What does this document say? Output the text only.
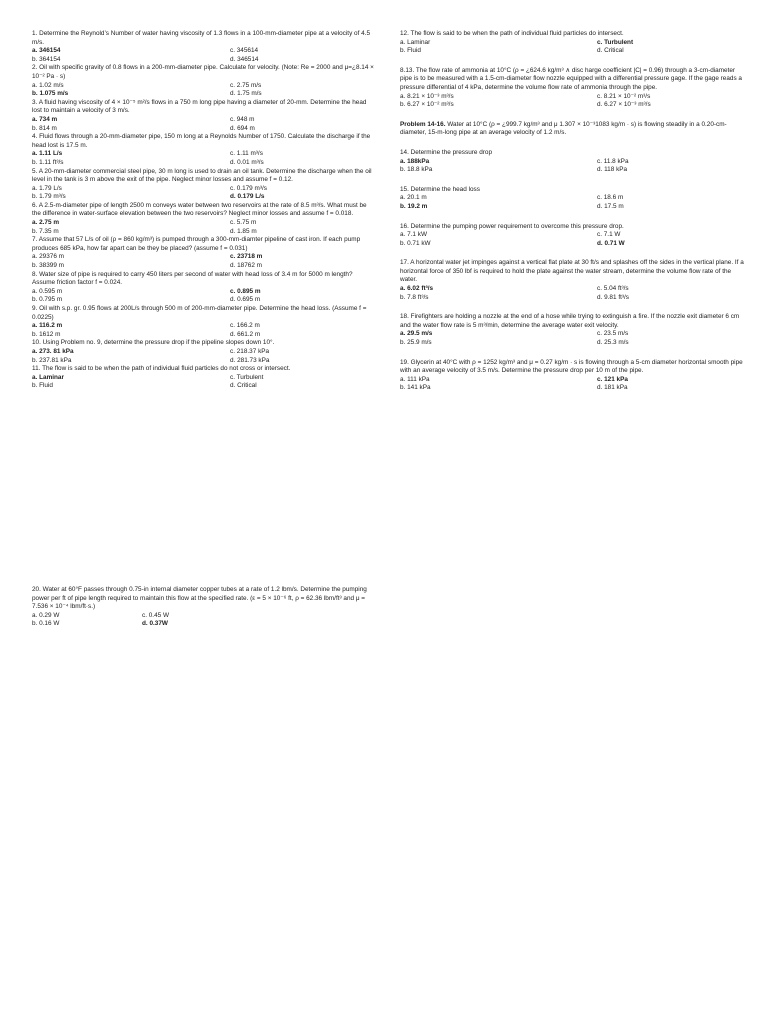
1. Determine the Reynold’s Number of water having viscosity of 1.3 flows in a 100-mm-diameter pipe at a velocity of 4.5 m/s.

a. 346154	c. 345614
b. 364154	d. 346514

2. Oil with specific gravity of 0.8 flows in a 200-mm-diameter pipe. Calculate for velocity. (Note: Re = 2000 and μ=¿8.14 × 10⁻² Pa · s)

a. 1.02 m/s	c. 2.75 m/s
b. 1.075 m/s	d. 1.75 m/s

3. A fluid having viscosity of 4 × 10⁻⁵ m²/s flows in a 750 m long pipe having a diameter of 20-mm. Determine the head lost to maintain a velocity of 3 m/s.

a. 734 m	c. 948 m
b. 814 m	d. 694 m

4. Fluid flows through a 20-mm-diameter pipe, 150 m long at a Reynolds Number of 1750. Calculate the discharge if the head lost is 17.5 m.

a. 1.11 L/s	c. 1.11 m³/s
b. 1.11 ft³/s	d. 0.01 m³/s

5. A 20-mm-diameter commercial steel pipe, 30 m long is used to drain an oil tank. Determine the discharge when the oil level in the tank is 3 m above the exit of the pipe. Neglect minor losses and assume f = 0.12.

a. 1.79 L/s	c. 0.179 m³/s
b. 1.79 m³/s	d. 0.179 L/s

6. A 2.5-m-diameter pipe of length 2500 m conveys water between two reservoirs at the rate of 8.5 m³/s. What must be the difference in water-surface elevation between the two reservoirs? Neglect minor losses and assume f = 0.018.

a. 2.75 m	c. 5.75 m
b. 7.35 m	d. 1.85 m

7. Assume that 57 L/s of oil (ρ = 860 kg/m³) is pumped through a 300-mm-diamter pipeline of cast iron. If each pump produces 685 kPa, how far apart can be they be placed? (assume f = 0.031)

a. 29376 m	c. 23718 m
b. 38399 m	d. 18762 m

8. Water size of pipe is required to carry 450 liters per second of water with head loss of 3.4 m for 5000 m length? Assume friction factor f = 0.024.

a. 0.595 m	c. 0.895 m
b. 0.795 m	d. 0.695 m

9. Oil with s.p. gr. 0.95 flows at 200L/s through 500 m of 200-mm-diameter pipe. Determine the head loss. (Assume f = 0.0225)

a. 116.2 m	c. 166.2 m
b. 1612 m	d. 661.2 m

10. Using Problem no. 9, determine the pressure drop if the pipeline slopes down 10°.

a. 273. 81 kPa	c. 218.37 kPa
b. 237.81 kPa	d. 281.73 kPa

11. The flow is said to be when the path of individual fluid particles do not cross or intersect.

a. Laminar	c. Turbulent
b. Fluid	d. Critical

12. The flow is said to be when the path of individual fluid particles do intersect.

a. Laminar	c. Turbulent
b. Fluid	d. Critical

8.13. The flow rate of ammonia at 10°C (ρ = ¿624.6 kg/m³ ∧ disc harge coefficient |C| = 0.96) through a 3-cm-diameter pipe is to be measured with a 1.5-cm-diameter flow nozzle equipped with a differential pressure gage. If the gage reads a pressure differential of 4 kPa, determine the volume flow rate of ammonia through the pipe.

a. 8.21 × 10⁻³ m³/s	c. 8.21 × 10⁻² m³/s
b. 6.27 × 10⁻² m³/s	d. 6.27 × 10⁻³ m³/s

Problem 14-16. Water at 10°C (ρ = ¿999.7 kg/m³ and μ 1.307 × 10⁻³1083 kg/m · s) is flowing steadily in a 0.20-cm-diameter, 15-m-long pipe at an average velocity of 1.2 m/s.

14. Determine the pressure drop

a. 188kPa	c. 11.8 kPa
b. 18.8 kPa	d. 118 kPa

15. Determine the head loss

a. 20.1 m	c. 18.6 m
b. 19.2 m	d. 17.5 m

16. Determine the pumping power requirement to overcome this pressure drop.

a. 7.1 kW	c. 7.1 W
b. 0.71 kW	d. 0.71 W

17. A horizontal water jet impinges against a vertical flat plate at 30 ft/s and splashes off the sides in the vertical plane. If a horizontal force of 350 lbf is required to hold the plate against the water stream, determine the volume flow rate of the water.

a. 6.02 ft³/s	c. 5.04 ft³/s
b. 7.8 ft³/s	d. 9.81 ft³/s

18. Firefighters are holding a nozzle at the end of a hose while trying to extinguish a fire. If the nozzle exit diameter 6 cm and the water flow rate is 5 m³/min, determine the average water exit velocity.

a. 29.5 m/s	c. 23.5 m/s
b. 25.9 m/s	d. 25.3 m/s

19. Glycerin at 40°C with ρ = 1252 kg/m³ and μ = 0.27 kg/m · s is flowing through a 5-cm diameter horizontal smooth pipe with an average velocity of 3.5 m/s. Determine the pressure drop per 10 m of the pipe.

a. 111 kPa	c. 121 kPa
b. 141 kPa	d. 181 kPa

20. Water at 60°F passes through 0.75-in internal diameter copper tubes at a rate of 1.2 lbm/s. Determine the pumping power per ft of pipe length required to maintain this flow at the specified rate. (ε = 5 × 10⁻⁶ ft, ρ = 62.36 lbm/ft³ and μ = 7.536 × 10⁻⁴ lbm/ft·s.)

a. 0.29 W	c. 0.45 W
b. 0.16 W	d. 0.37W
